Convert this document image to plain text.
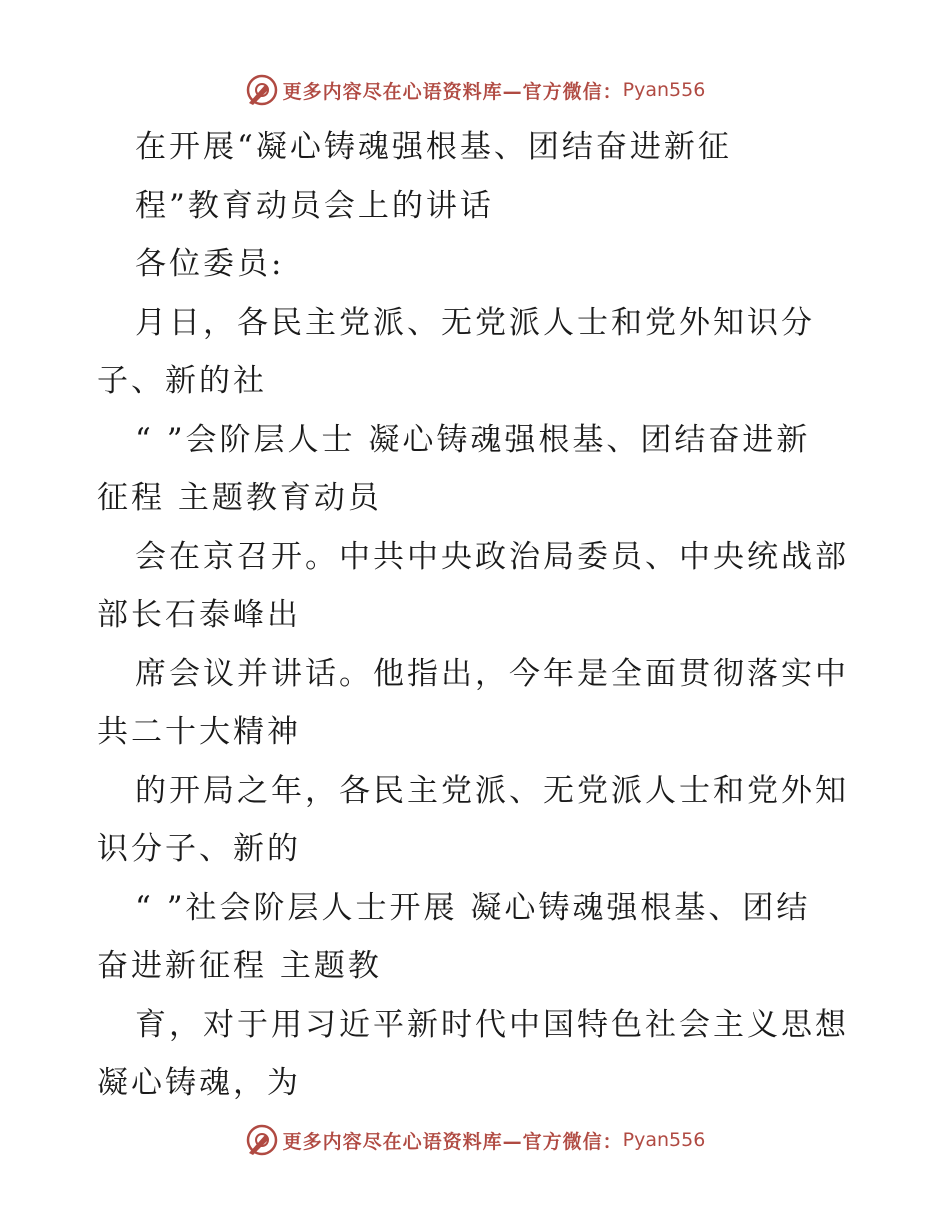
更多内容尽在心语资料库—官方微信： Pyan556

在开展“凝心铸魂强根基、团结奋进新征

程”教育动员会上的讲话

各位委员:

月日，各民主党派、无党派人士和党外知识分
子、新的社

“ ”会阶层人士 凝心铸魂强根基、团结奋进新
征程 主题教育动员

会在京召开。中共中央政治局委员、中央统战部
部长石泰峰出

席会议并讲话。他指出，今年是全面贯彻落实中
共二十大精神

的开局之年，各民主党派、无党派人士和党外知
识分子、新的

“ ”社会阶层人士开展 凝心铸魂强根基、团结
奋进新征程 主题教

育，对于用习近平新时代中国特色社会主义思想
凝心铸魂，为

更多内容尽在心语资料库—官方微信： Pyan556
